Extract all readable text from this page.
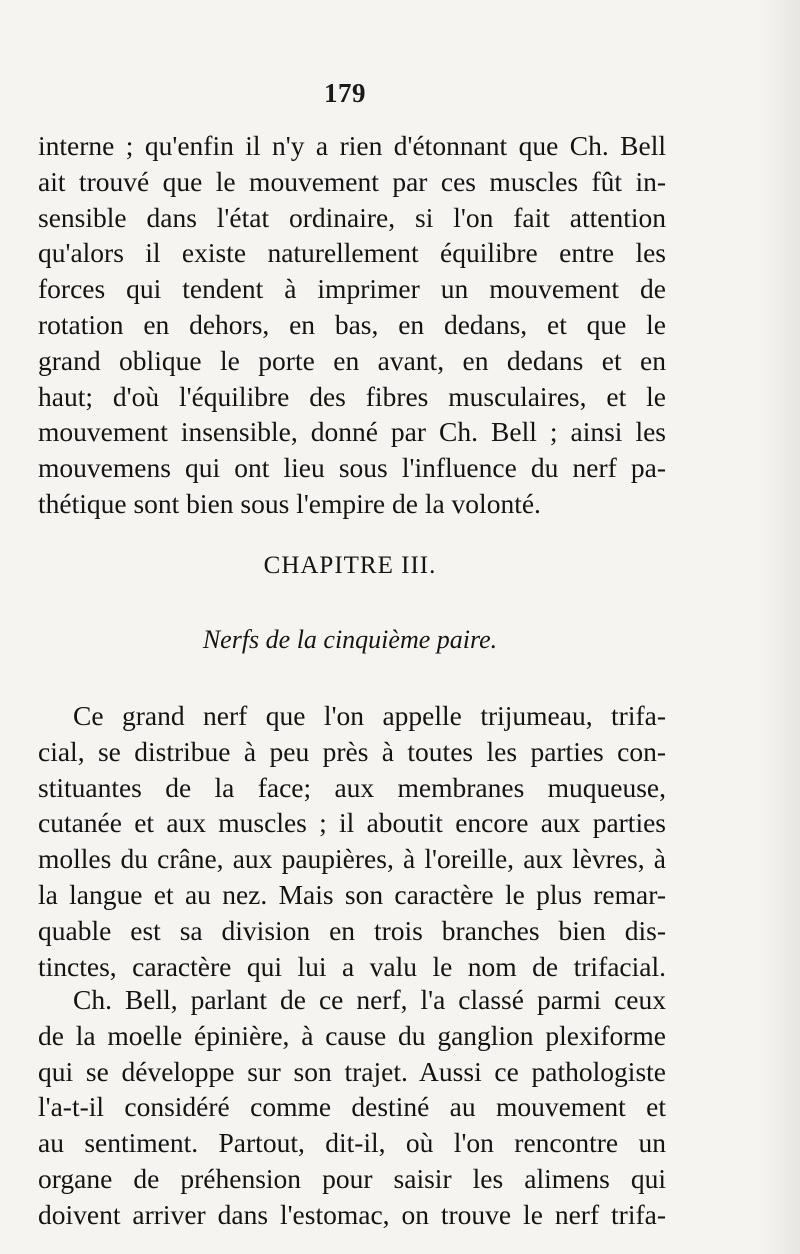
179
interne ; qu'enfin il n'y a rien d'étonnant que Ch. Bell
ait trouvé que le mouvement par ces muscles fût in-
sensible dans l'état ordinaire, si l'on fait attention
qu'alors il existe naturellement équilibre entre les
forces qui tendent à imprimer un mouvement de
rotation en dehors, en bas, en dedans, et que le
grand oblique le porte en avant, en dedans et en
haut; d'où l'équilibre des fibres musculaires, et le
mouvement insensible, donné par Ch. Bell ; ainsi les
mouvemens qui ont lieu sous l'influence du nerf pa-
thétique sont bien sous l'empire de la volonté.
CHAPITRE III.
Nerfs de la cinquième paire.
Ce grand nerf que l'on appelle trijumeau, trifa-
cial, se distribue à peu près à toutes les parties con-
stituantes de la face; aux membranes muqueuse,
cutanée et aux muscles ; il aboutit encore aux parties
molles du crâne, aux paupières, à l'oreille, aux lèvres, à
la langue et au nez. Mais son caractère le plus remar-
quable est sa division en trois branches bien dis-
tinctes, caractère qui lui a valu le nom de trifacial.
Ch. Bell, parlant de ce nerf, l'a classé parmi ceux
de la moelle épinière, à cause du ganglion plexiforme
qui se développe sur son trajet. Aussi ce pathologiste
l'a-t-il considéré comme destiné au mouvement et
au sentiment. Partout, dit-il, où l'on rencontre un
organe de préhension pour saisir les alimens qui
doivent arriver dans l'estomac, on trouve le nerf trifa-
